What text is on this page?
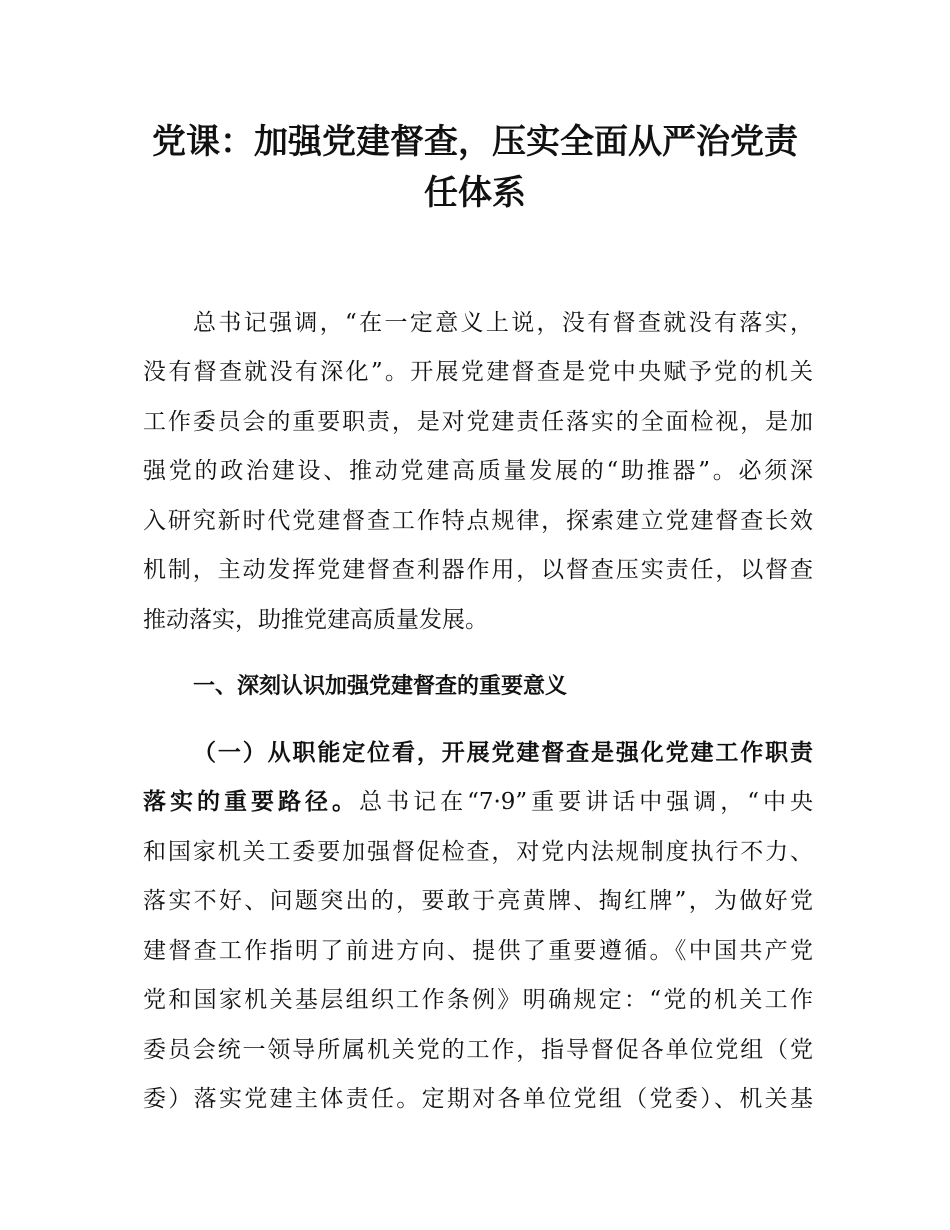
党课：加强党建督查，压实全面从严治党责
任体系

总书记强调，“在一定意义上说，没有督查就没有落实，

没有督查就没有深化”。开展党建督查是党中央赋予党的机关

工作委员会的重要职责，是对党建责任落实的全面检视，是加

强党的政治建设、推动党建高质量发展的“助推器”。必须深

入研究新时代党建督查工作特点规律，探索建立党建督查长效

机制，主动发挥党建督查利器作用，以督查压实责任，以督查

推动落实，助推党建高质量发展。

一、深刻认识加强党建督查的重要意义

（一）从职能定位看，开展党建督查是强化党建工作职责

落实的重要路径。总书记在“7·9”重要讲话中强调，“中央

和国家机关工委要加强督促检查，对党内法规制度执行不力、

落实不好、问题突出的，要敢于亮黄牌、掏红牌”，为做好党

建督查工作指明了前进方向、提供了重要遵循。《中国共产党

党和国家机关基层组织工作条例》明确规定：“党的机关工作

委员会统一领导所属机关党的工作，指导督促各单位党组（党

委）落实党建主体责任。定期对各单位党组（党委）、机关基
